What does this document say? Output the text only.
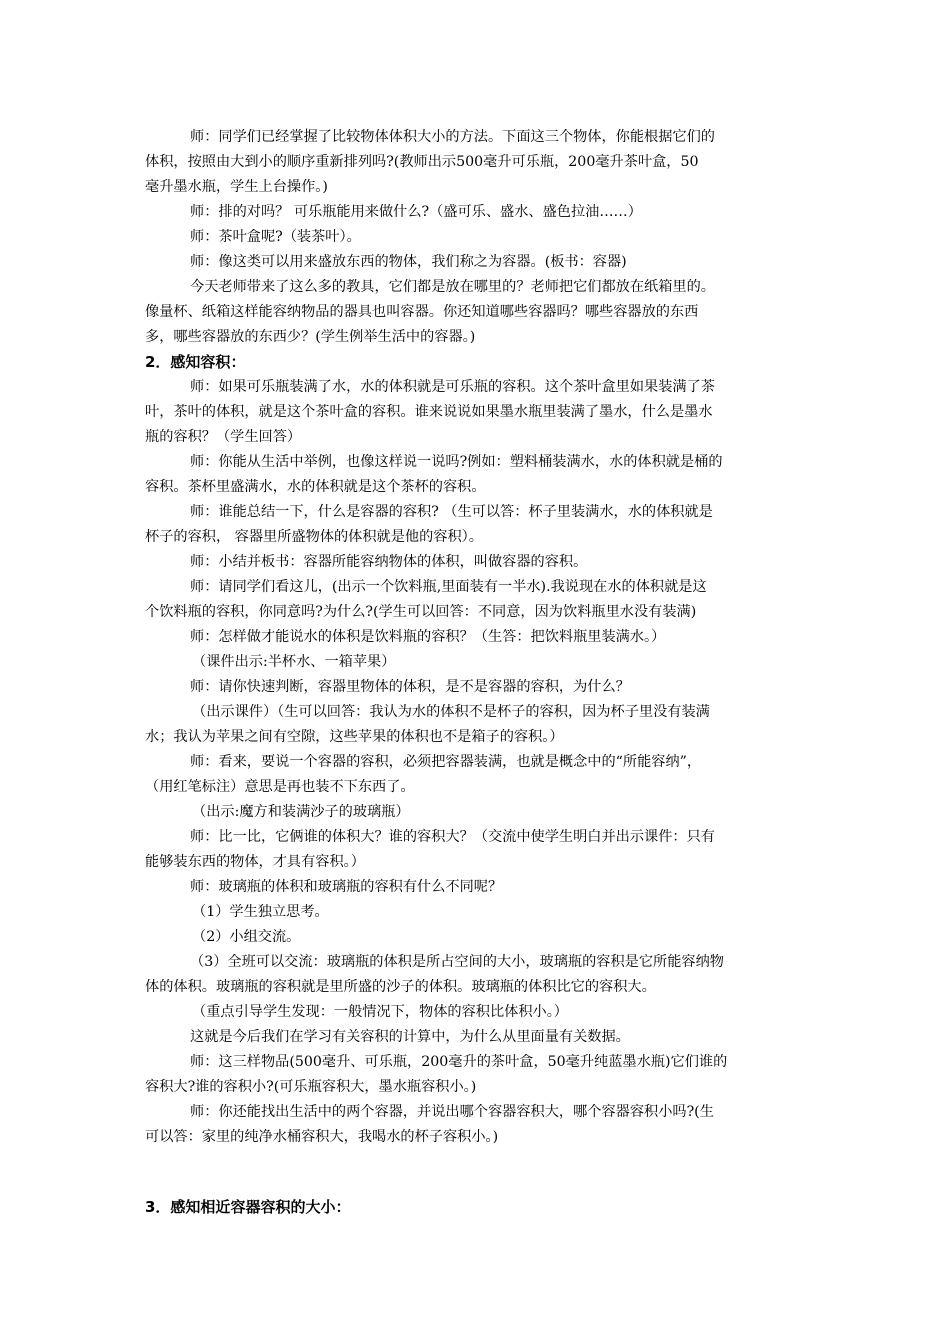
师：同学们已经掌握了比较物体体积大小的方法。下面这三个物体，你能根据它们的
体积，按照由大到小的顺序重新排列吗?(教师出示500毫升可乐瓶，200毫升茶叶盒，50
毫升墨水瓶，学生上台操作。)
师：排的对吗？ 可乐瓶能用来做什么?（盛可乐、盛水、盛色拉油……）
师：茶叶盒呢?（装茶叶）。
师：像这类可以用来盛放东西的物体，我们称之为容器。(板书：容器)
今天老师带来了这么多的教具，它们都是放在哪里的？老师把它们都放在纸箱里的。
像量杯、纸箱这样能容纳物品的器具也叫容器。你还知道哪些容器吗？哪些容器放的东西
多，哪些容器放的东西少？(学生例举生活中的容器。)
2．感知容积：
师：如果可乐瓶装满了水，水的体积就是可乐瓶的容积。这个茶叶盒里如果装满了茶
叶，茶叶的体积，就是这个茶叶盒的容积。谁来说说如果墨水瓶里装满了墨水，什么是墨水
瓶的容积？（学生回答）
师：你能从生活中举例，也像这样说一说吗?例如：塑料桶装满水，水的体积就是桶的
容积。茶杯里盛满水，水的体积就是这个茶杯的容积。
师：谁能总结一下，什么是容器的容积? （生可以答：杯子里装满水，水的体积就是
杯子的容积， 容器里所盛物体的体积就是他的容积）。
师：小结并板书：容器所能容纳物体的体积，叫做容器的容积。
师：请同学们看这儿，(出示一个饮料瓶,里面装有一半水).我说现在水的体积就是这
个饮料瓶的容积，你同意吗?为什么?(学生可以回答：不同意，因为饮料瓶里水没有装满)
师：怎样做才能说水的体积是饮料瓶的容积？（生答：把饮料瓶里装满水。）
（课件出示:半杯水、一箱苹果）
师：请你快速判断，容器里物体的体积，是不是容器的容积，为什么？
（出示课件）（生可以回答：我认为水的体积不是杯子的容积，因为杯子里没有装满
水；我认为苹果之间有空隙，这些苹果的体积也不是箱子的容积。）
师：看来，要说一个容器的容积，必须把容器装满，也就是概念中的“所能容纳”，
（用红笔标注）意思是再也装不下东西了。
（出示:魔方和装满沙子的玻璃瓶）
师：比一比，它俩谁的体积大？谁的容积大？（交流中使学生明白并出示课件：只有
能够装东西的物体，才具有容积。）
师：玻璃瓶的体积和玻璃瓶的容积有什么不同呢？
（1）学生独立思考。
（2）小组交流。
（3）全班可以交流：玻璃瓶的体积是所占空间的大小，玻璃瓶的容积是它所能容纳物
体的体积。玻璃瓶的容积就是里所盛的沙子的体积。玻璃瓶的体积比它的容积大。
（重点引导学生发现：一般情况下，物体的容积比体积小。）
这就是今后我们在学习有关容积的计算中，为什么从里面量有关数据。
师：这三样物品(500毫升、可乐瓶，200毫升的茶叶盒，50毫升纯蓝墨水瓶)它们谁的
容积大?谁的容积小?(可乐瓶容积大，墨水瓶容积小。)
师：你还能找出生活中的两个容器，并说出哪个容器容积大，哪个容器容积小吗?(生
可以答：家里的纯净水桶容积大，我喝水的杯子容积小。)
3．感知相近容器容积的大小：
